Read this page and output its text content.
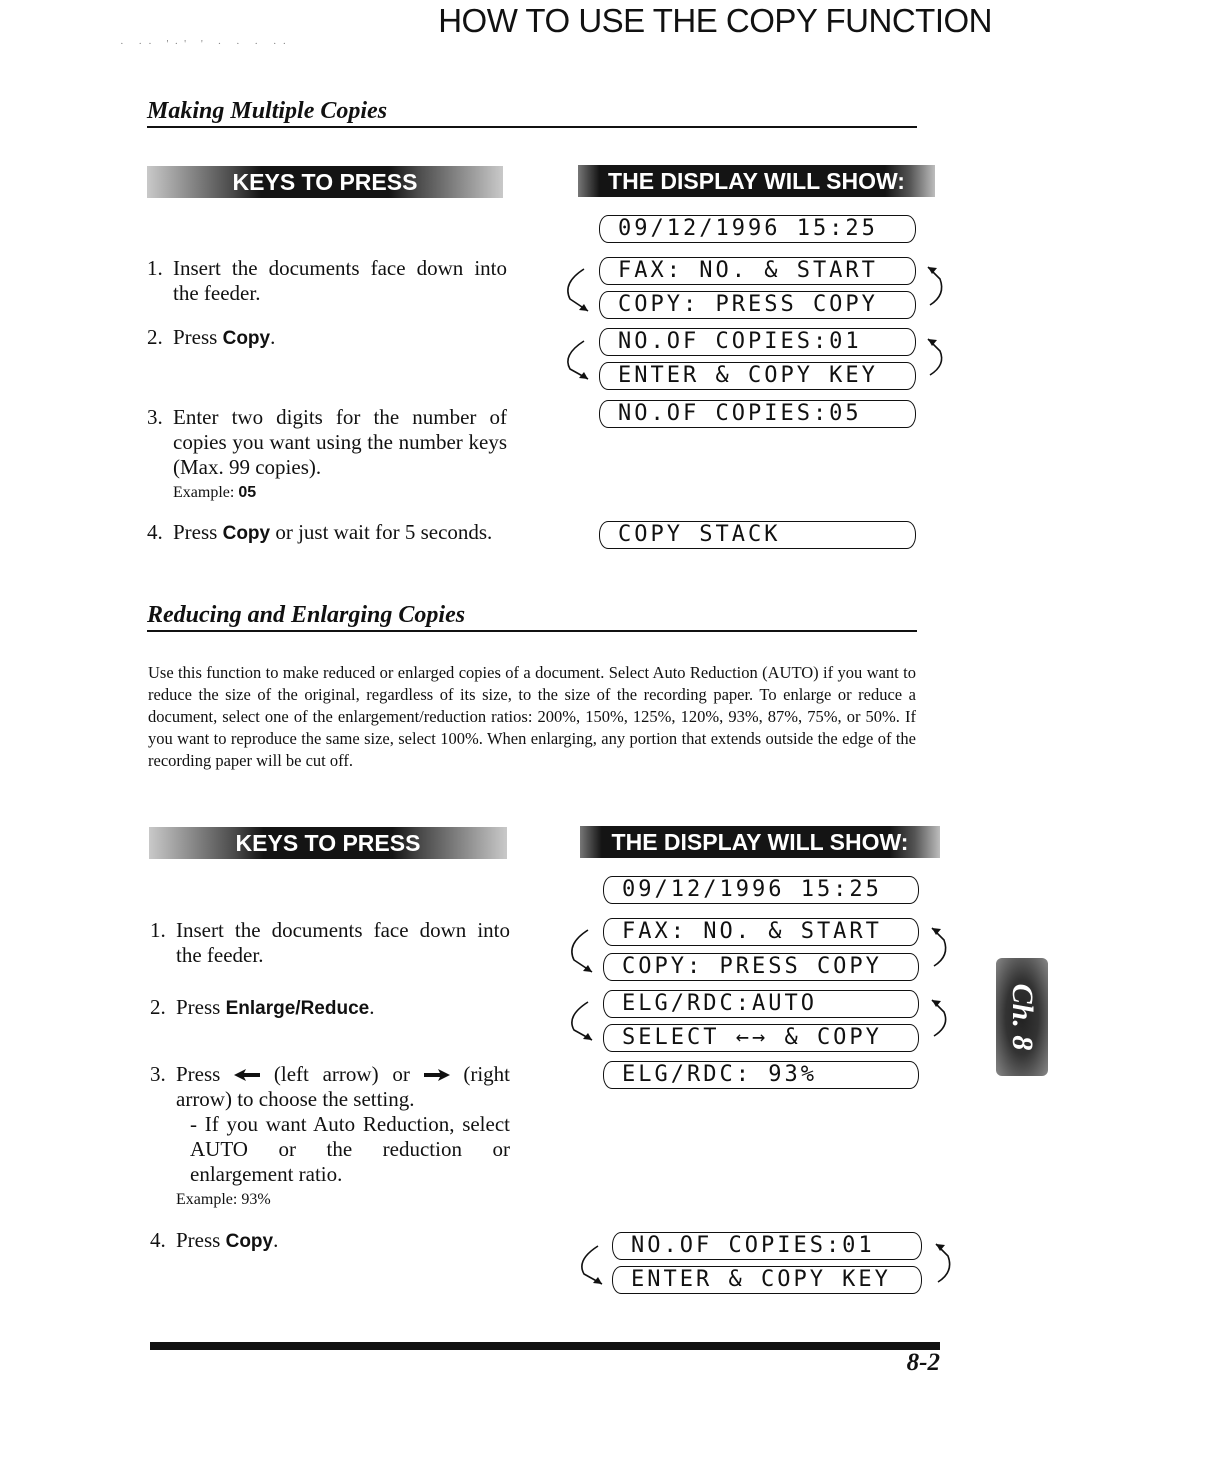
HOW TO USE THE COPY FUNCTION
· ·· '·' ' · · · ··
Making Multiple Copies
KEYS TO PRESS	THE DISPLAY WILL SHOW:
1. Insert the documents face down into the feeder.
2. Press Copy.
3. Enter two digits for the number of copies you want using the number keys (Max. 99 copies).
Example: 05
4. Press Copy or just wait for 5 seconds.
09/12/1996 15:25
FAX: NO. & START
COPY: PRESS COPY
NO.OF COPIES:01
ENTER & COPY KEY
NO.OF COPIES:05
COPY STACK
Reducing and Enlarging Copies
Use this function to make reduced or enlarged copies of a document. Select Auto Reduction (AUTO) if you want to reduce the size of the original, regardless of its size, to the size of the recording paper. To enlarge or reduce a document, select one of the enlargement/reduction ratios: 200%, 150%, 125%, 120%, 93%, 87%, 75%, or 50%. If you want to reproduce the same size, select 100%. When enlarging, any portion that extends outside the edge of the recording paper will be cut off.
KEYS TO PRESS	THE DISPLAY WILL SHOW:
1. Insert the documents face down into the feeder.
2. Press Enlarge/Reduce.
3. Press  (left arrow) or  (right arrow) to choose the setting.
- If you want Auto Reduction, select AUTO or the reduction or enlargement ratio.
Example: 93%
4. Press Copy.
09/12/1996 15:25
FAX: NO. & START
COPY: PRESS COPY
ELG/RDC:AUTO
SELECT ←→ & COPY
ELG/RDC: 93%
NO.OF COPIES:01
ENTER & COPY KEY
Ch. 8
8-2
